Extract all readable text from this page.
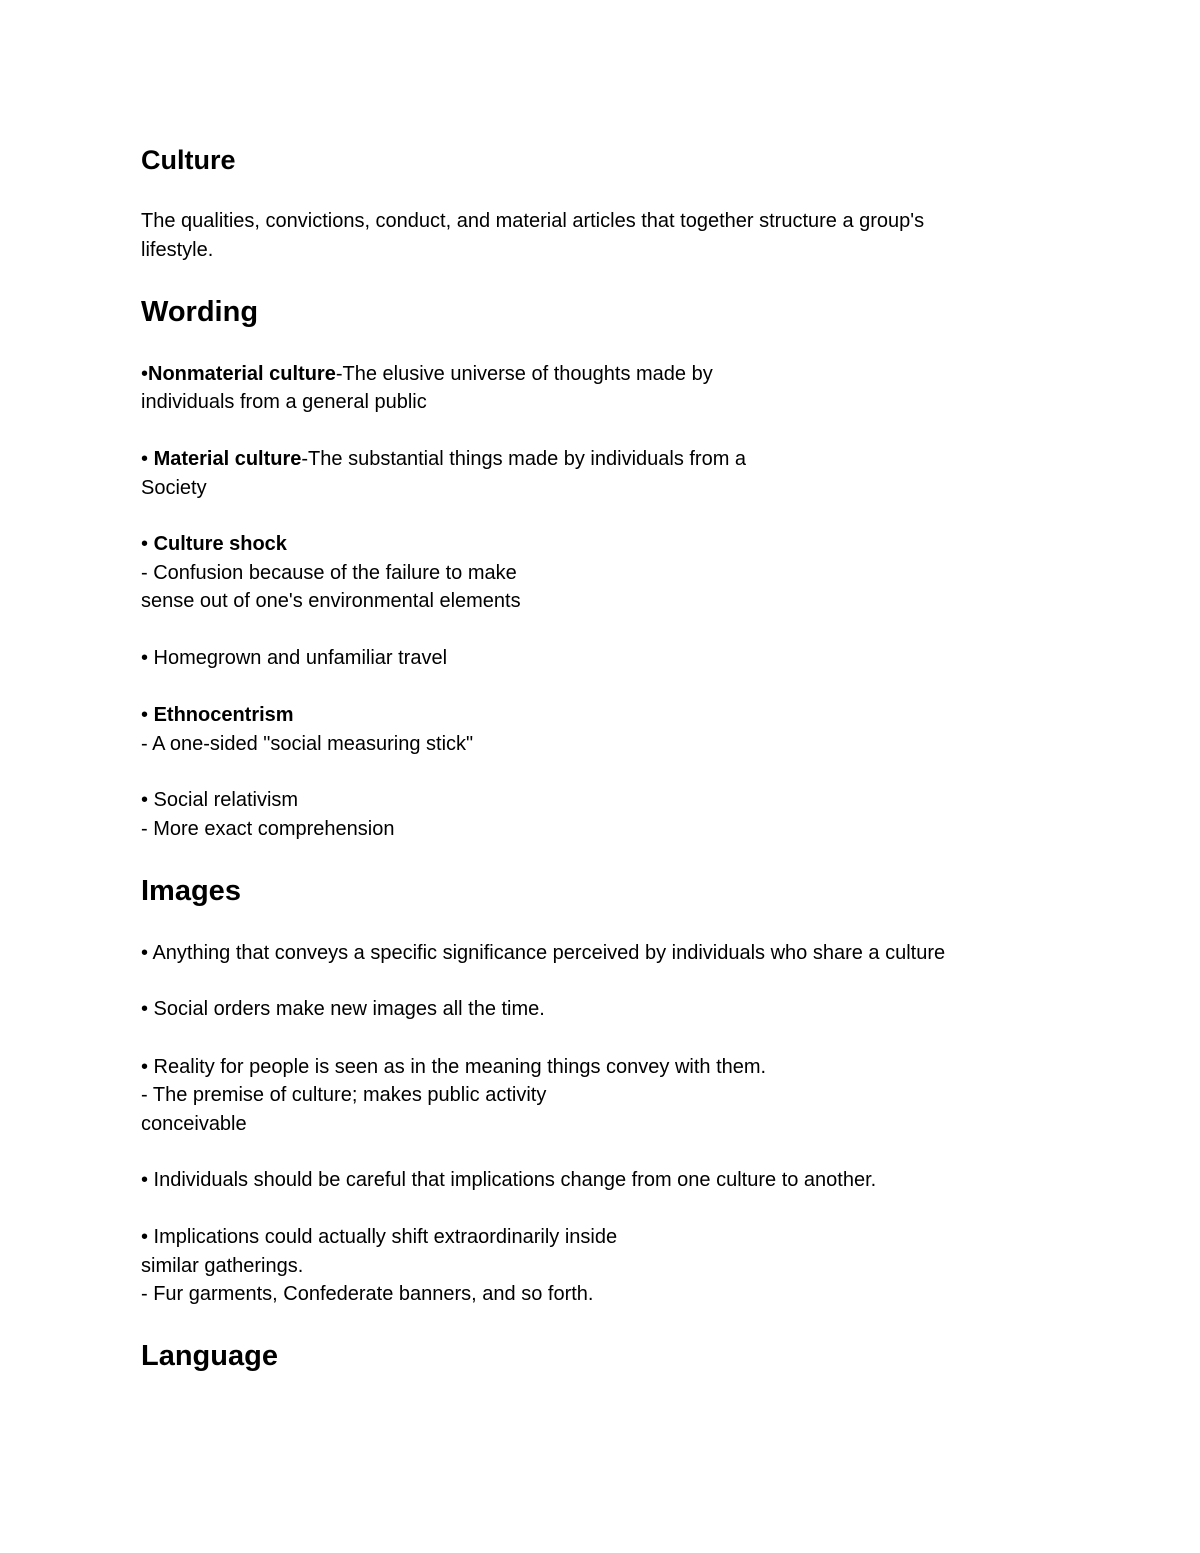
Culture

The qualities, convictions, conduct, and material articles that together structure a group's

lifestyle.

Wording

•Nonmaterial culture-The elusive universe of thoughts made by

individuals from a general public

• Material culture-The substantial things made by individuals from a

Society

• Culture shock

- Confusion because of the failure to make

sense out of one's environmental elements

• Homegrown and unfamiliar travel

• Ethnocentrism

- A one-sided "social measuring stick"

• Social relativism

- More exact comprehension

Images

• Anything that conveys a specific significance perceived by individuals who share a culture

• Social orders make new images all the time.

• Reality for people is seen as in the meaning things convey with them.

- The premise of culture; makes public activity

conceivable

• Individuals should be careful that implications change from one culture to another.

• Implications could actually shift extraordinarily inside

similar gatherings.

- Fur garments, Confederate banners, and so forth.

Language
